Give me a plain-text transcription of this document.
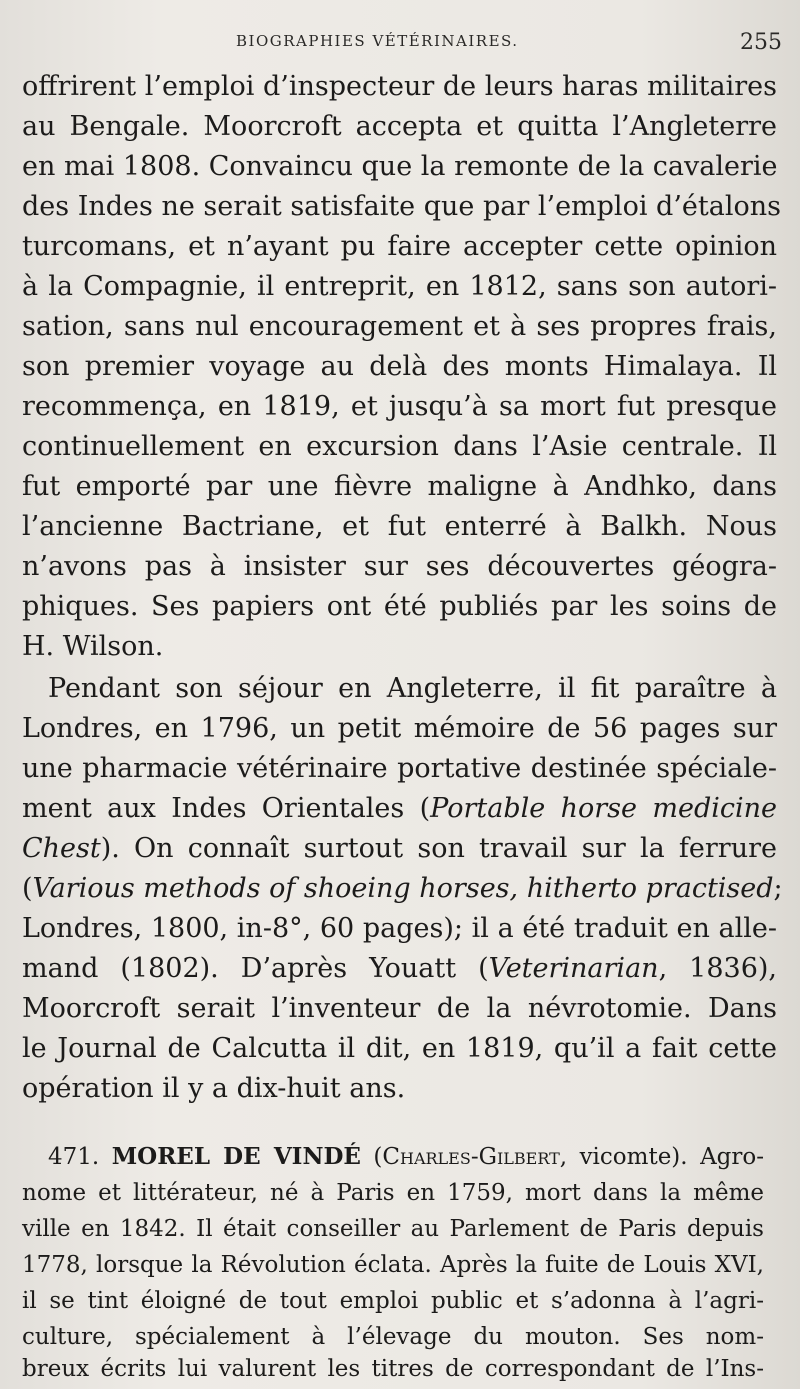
BIOGRAPHIES VÉTÉRINAIRES.	255
offrirent l’emploi d’inspecteur de leurs haras militaires
au Bengale. Moorcroft accepta et quitta l’Angleterre
en mai 1808. Convaincu que la remonte de la cavalerie
des Indes ne serait satisfaite que par l’emploi d’étalons
turcomans, et n’ayant pu faire accepter cette opinion
à la Compagnie, il entreprit, en 1812, sans son autori-
sation, sans nul encouragement et à ses propres frais,
son premier voyage au delà des monts Himalaya. Il
recommença, en 1819, et jusqu’à sa mort fut presque
continuellement en excursion dans l’Asie centrale. Il
fut emporté par une fièvre maligne à Andhko, dans
l’ancienne Bactriane, et fut enterré à Balkh. Nous
n’avons pas à insister sur ses découvertes géogra-
phiques. Ses papiers ont été publiés par les soins de
H. Wilson.
Pendant son séjour en Angleterre, il fit paraître à
Londres, en 1796, un petit mémoire de 56 pages sur
une pharmacie vétérinaire portative destinée spéciale-
ment aux Indes Orientales (Portable horse medicine
Chest). On connaît surtout son travail sur la ferrure
(Various methods of shoeing horses, hitherto practised;
Londres, 1800, in-8°, 60 pages); il a été traduit en alle-
mand (1802). D’après Youatt (Veterinarian, 1836),
Moorcroft serait l’inventeur de la névrotomie. Dans
le Journal de Calcutta il dit, en 1819, qu’il a fait cette
opération il y a dix-huit ans.
471. MOREL DE VINDÉ (Charles-Gilbert, vicomte). Agro-
nome et littérateur, né à Paris en 1759, mort dans la même
ville en 1842. Il était conseiller au Parlement de Paris depuis
1778, lorsque la Révolution éclata. Après la fuite de Louis XVI,
il se tint éloigné de tout emploi public et s’adonna à l’agri-
culture, spécialement à l’élevage du mouton. Ses nom-
breux écrits lui valurent les titres de correspondant de l’Ins-
